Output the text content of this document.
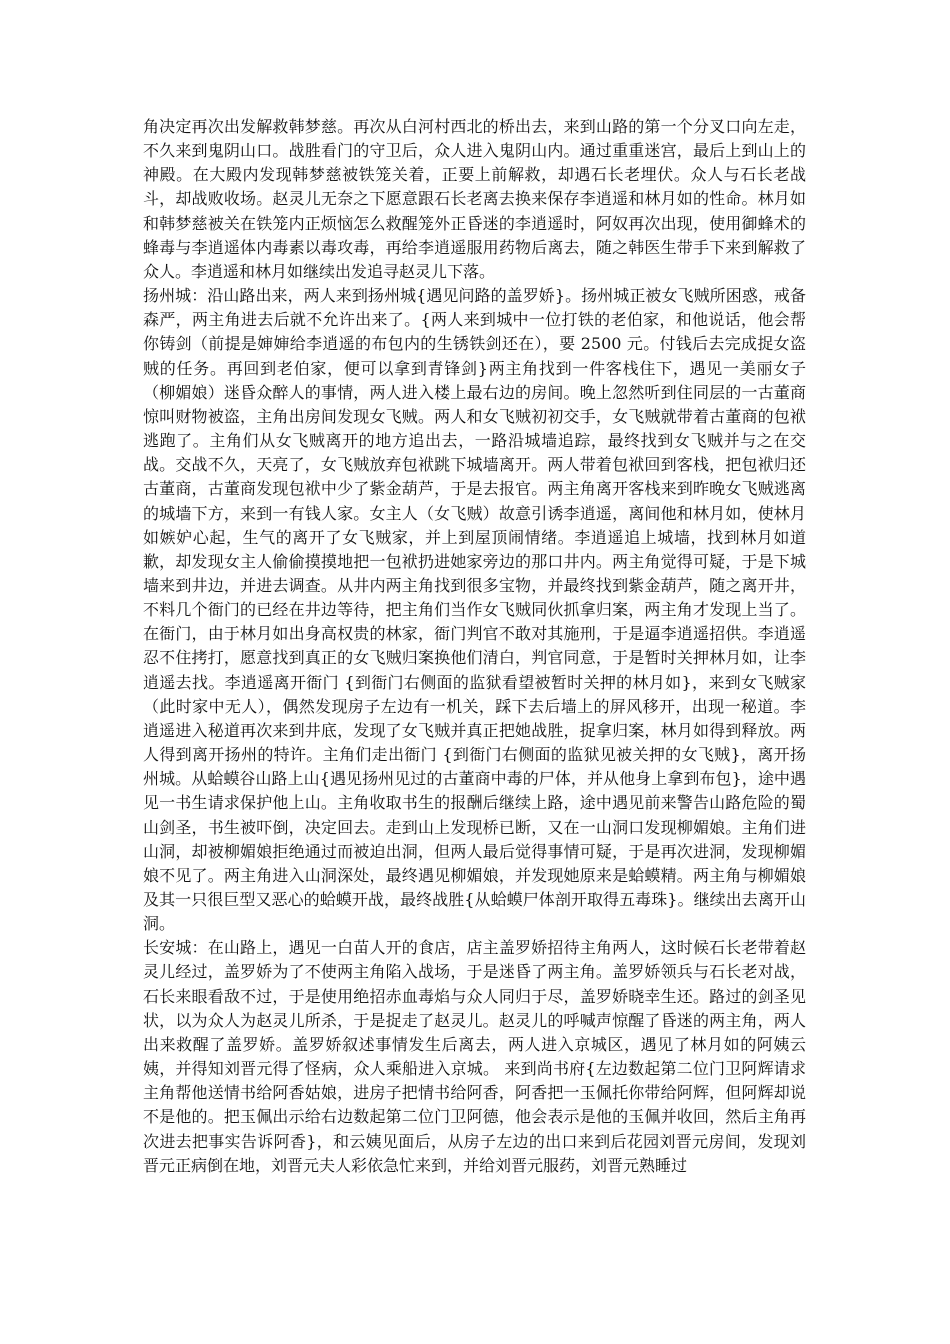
角决定再次出发解救韩梦慈。再次从白河村西北的桥出去，来到山路的第一个分叉口向左走，不久来到鬼阴山口。战胜看门的守卫后，众人进入鬼阴山内。通过重重迷宫，最后上到山上的神殿。在大殿内发现韩梦慈被铁笼关着，正要上前解救，却遇石长老埋伏。众人与石长老战斗，却战败收场。赵灵儿无奈之下愿意跟石长老离去换来保存李逍遥和林月如的性命。林月如和韩梦慈被关在铁笼内正烦恼怎么救醒笼外正昏迷的李逍遥时，阿奴再次出现，使用御蜂术的蜂毒与李逍遥体内毒素以毒攻毒，再给李逍遥服用药物后离去，随之韩医生带手下来到解救了众人。李逍遥和林月如继续出发追寻赵灵儿下落。

扬州城：沿山路出来，两人来到扬州城{遇见问路的盖罗娇}。扬州城正被女飞贼所困惑，戒备森严，两主角进去后就不允许出来了。{两人来到城中一位打铁的老伯家，和他说话，他会帮你铸剑（前提是婶婶给李逍遥的布包内的生锈铁剑还在），要 2500 元。付钱后去完成捉女盗贼的任务。再回到老伯家，便可以拿到青锋剑}两主角找到一件客栈住下，遇见一美丽女子（柳媚娘）迷昏众醉人的事情，两人进入楼上最右边的房间。晚上忽然听到住同层的一古董商惊叫财物被盗，主角出房间发现女飞贼。两人和女飞贼初初交手，女飞贼就带着古董商的包袱逃跑了。主角们从女飞贼离开的地方追出去，一路沿城墙追踪，最终找到女飞贼并与之在交战。交战不久，天亮了，女飞贼放弃包袱跳下城墙离开。两人带着包袱回到客栈，把包袱归还古董商，古董商发现包袱中少了紫金葫芦，于是去报官。两主角离开客栈来到昨晚女飞贼逃离的城墙下方，来到一有钱人家。女主人（女飞贼）故意引诱李逍遥，离间他和林月如，使林月如嫉妒心起，生气的离开了女飞贼家，并上到屋顶闹情绪。李逍遥追上城墙，找到林月如道歉，却发现女主人偷偷摸摸地把一包袱扔进她家旁边的那口井内。两主角觉得可疑，于是下城墙来到井边，并进去调查。从井内两主角找到很多宝物，并最终找到紫金葫芦，随之离开井，不料几个衙门的已经在井边等待，把主角们当作女飞贼同伙抓拿归案，两主角才发现上当了。在衙门，由于林月如出身高权贵的林家，衙门判官不敢对其施刑，于是逼李逍遥招供。李逍遥忍不住拷打，愿意找到真正的女飞贼归案换他们清白，判官同意，于是暂时关押林月如，让李逍遥去找。李逍遥离开衙门 {到衙门右侧面的监狱看望被暂时关押的林月如}，来到女飞贼家（此时家中无人），偶然发现房子左边有一机关，踩下去后墙上的屏风移开，出现一秘道。李逍遥进入秘道再次来到井底，发现了女飞贼并真正把她战胜，捉拿归案，林月如得到释放。两人得到离开扬州的特许。主角们走出衙门 {到衙门右侧面的监狱见被关押的女飞贼}，离开扬州城。从蛤蟆谷山路上山{遇见扬州见过的古董商中毒的尸体，并从他身上拿到布包}，途中遇见一书生请求保护他上山。主角收取书生的报酬后继续上路，途中遇见前来警告山路危险的蜀山剑圣，书生被吓倒，决定回去。走到山上发现桥已断，又在一山洞口发现柳媚娘。主角们进山洞，却被柳媚娘拒绝通过而被迫出洞，但两人最后觉得事情可疑，于是再次进洞，发现柳媚娘不见了。两主角进入山洞深处，最终遇见柳媚娘，并发现她原来是蛤蟆精。两主角与柳媚娘及其一只很巨型又恶心的蛤蟆开战，最终战胜{从蛤蟆尸体剖开取得五毒珠}。继续出去离开山洞。

长安城：在山路上，遇见一白苗人开的食店，店主盖罗娇招待主角两人，这时候石长老带着赵灵儿经过，盖罗娇为了不使两主角陷入战场，于是迷昏了两主角。盖罗娇领兵与石长老对战，石长来眼看敌不过，于是使用绝招赤血毒焰与众人同归于尽，盖罗娇晓幸生还。路过的剑圣见状，以为众人为赵灵儿所杀，于是捉走了赵灵儿。赵灵儿的呼喊声惊醒了昏迷的两主角，两人出来救醒了盖罗娇。盖罗娇叙述事情发生后离去，两人进入京城区，遇见了林月如的阿姨云姨，并得知刘晋元得了怪病，众人乘船进入京城。 来到尚书府{左边数起第二位门卫阿辉请求主角帮他送情书给阿香姑娘，进房子把情书给阿香，阿香把一玉佩托你带给阿辉，但阿辉却说不是他的。把玉佩出示给右边数起第二位门卫阿德，他会表示是他的玉佩并收回，然后主角再次进去把事实告诉阿香}，和云姨见面后，从房子左边的出口来到后花园刘晋元房间，发现刘晋元正病倒在地，刘晋元夫人彩依急忙来到，并给刘晋元服药，刘晋元熟睡过
